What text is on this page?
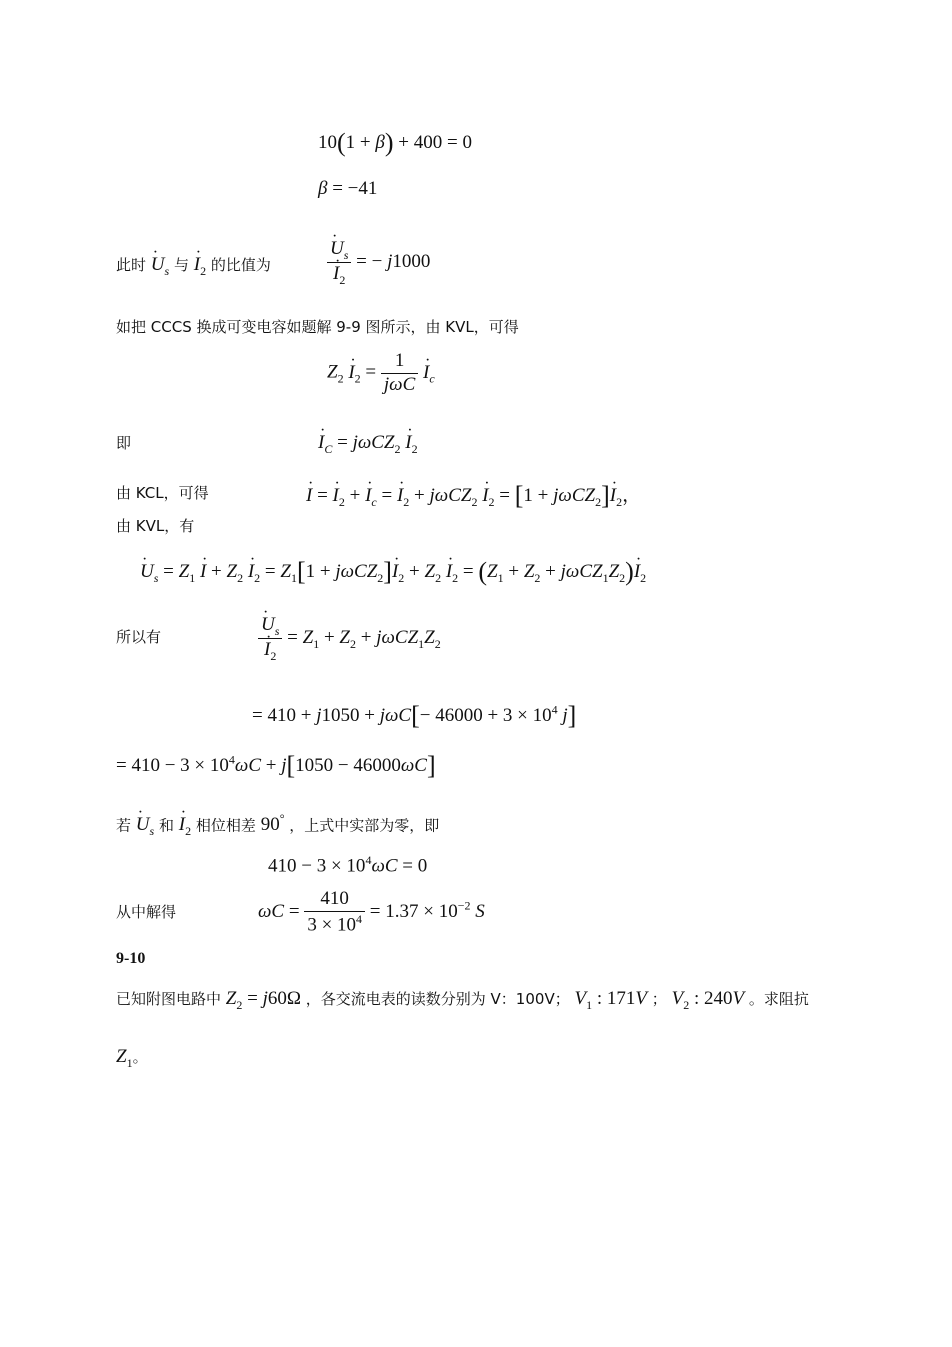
10(1 + β) + 400 = 0
β = −41
此时 · $U_s$ 与 · $I_2$ 的比值为
·	$U_s$
· $I_2$ = − j1000
如把 CCCS 换成可变电容如题解 9-9 图所示，由 KVL，可得
$Z_2 \cdot I_2 = \frac{1}{\text{jωC}}$
· $I_c$
即
·	$I_C = j\omega CZ_2 \cdot I_2$
由 KCL，可得
·	I = · $I_2$ + · $I_c$ = · $I_2 + j\omega CZ_2 \cdot I_2 = [1 + j\omega CZ_2]\cdot I_2$，
由 KVL，有
· $U_s = Z_1 \cdot I + Z_2 \cdot I_2 = Z_1[1 + j\omega CZ_2]\cdot I_2 + Z_2 \cdot I_2 = (Z_1 + Z_2 + j\omega CZ_1Z_2)\cdot I_2$
所以有
·	$U_s$
· $I_2 = Z_1 + Z_2 + j\omega CZ_1Z_2$
= $410 + j1050 + j\omega C[- 46000 + 3 \times 10^4$ j]
= $410 - 3 \times 10^4\omega C + j[1050 - 46000\omega C]$
若 · $U_s$ 和 · $I_2$ 相位相差 90° ，上式中实部为零，即
$410 - 3 \times 10^4\omega C = 0$
从中解得	$\omega C = \frac{410}{3 \times 10^4} = 1.37 \times 10^{-2}$ S
9-10
已知附图电路中 $Z_2 = j60\Omega$ ，各交流电表的读数分别为 V：100V； $V_1$ : 171V ； $V_2$ : 240V 。求阻抗
$Z_1$。
